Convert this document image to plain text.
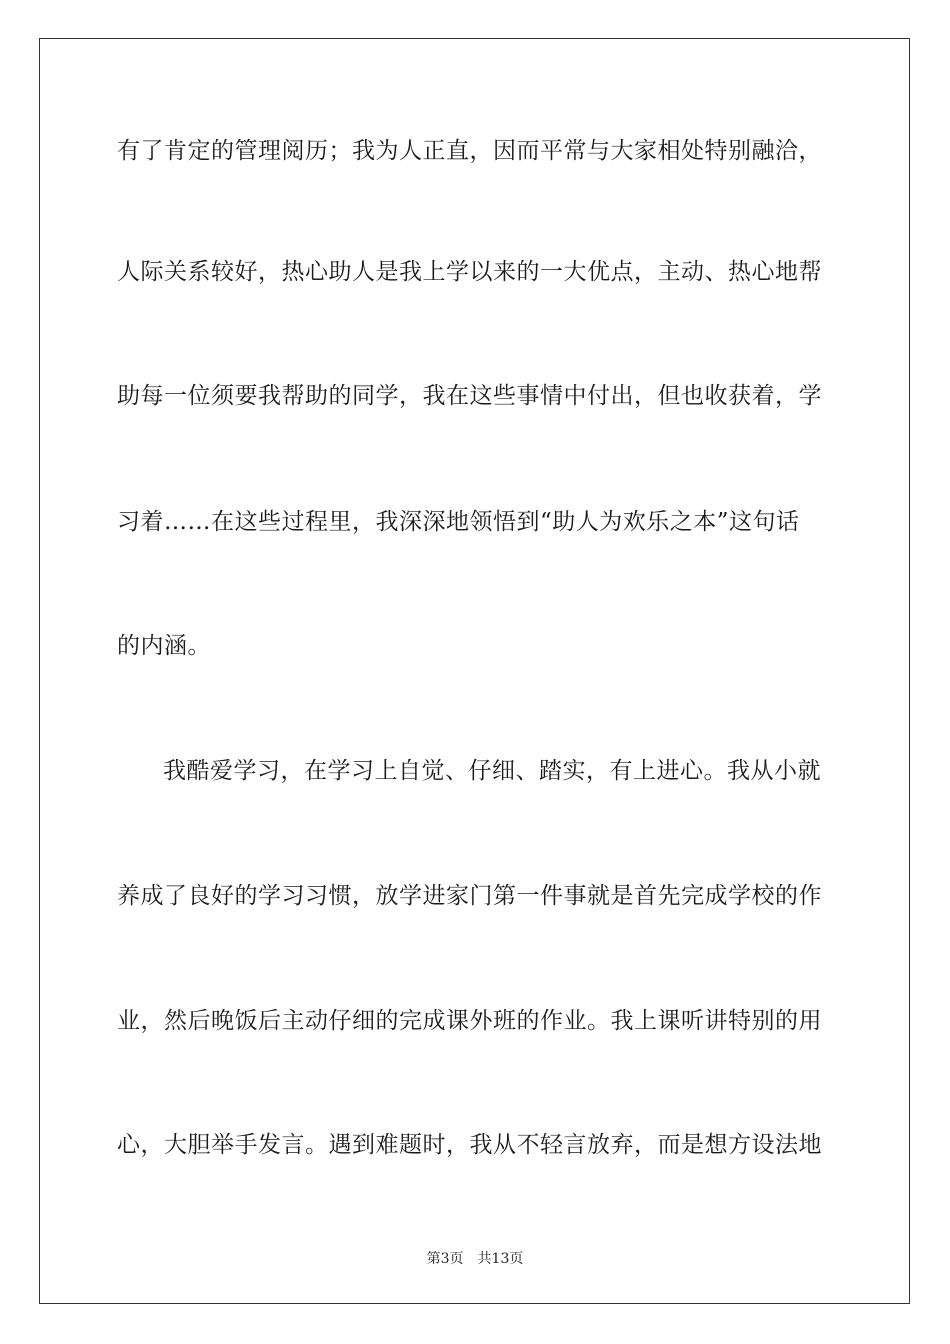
有了肯定的管理阅历；我为人正直，因而平常与大家相处特别融洽，
人际关系较好，热心助人是我上学以来的一大优点，主动、热心地帮
助每一位须要我帮助的同学，我在这些事情中付出，但也收获着，学
习着……在这些过程里，我深深地领悟到“助人为欢乐之本”这句话
的内涵。
我酷爱学习，在学习上自觉、仔细、踏实，有上进心。我从小就
养成了良好的学习习惯，放学进家门第一件事就是首先完成学校的作
业，然后晚饭后主动仔细的完成课外班的作业。我上课听讲特别的用
心，大胆举手发言。遇到难题时，我从不轻言放弃，而是想方设法地
第3页 共13页
